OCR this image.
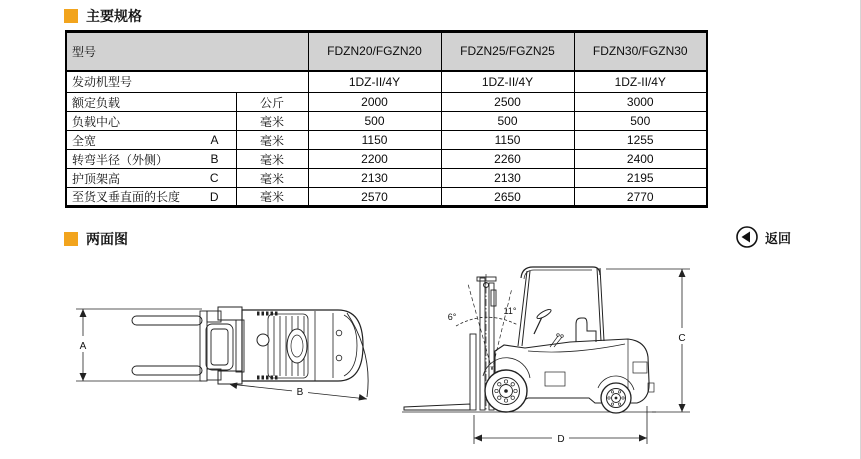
主要规格
型号		FDZN20/FGZN20	FDZN25/FGZN25	FDZN30/FGZN30
发动机型号		1DZ-II/4Y	1DZ-II/4Y	1DZ-II/4Y

额定负载	公斤	2000	2500	3000

负载中心	毫米	500	500	500

全宽 A	毫米	1150	1150	1255

转弯半径（外侧） B	毫米	2200	2260	2400

护顶架高 C	毫米	2130	2130	2195

至货叉垂直面的长度 D	毫米	2570	2650	2770
两面图	返回
A
B
6°
11°
C
D
